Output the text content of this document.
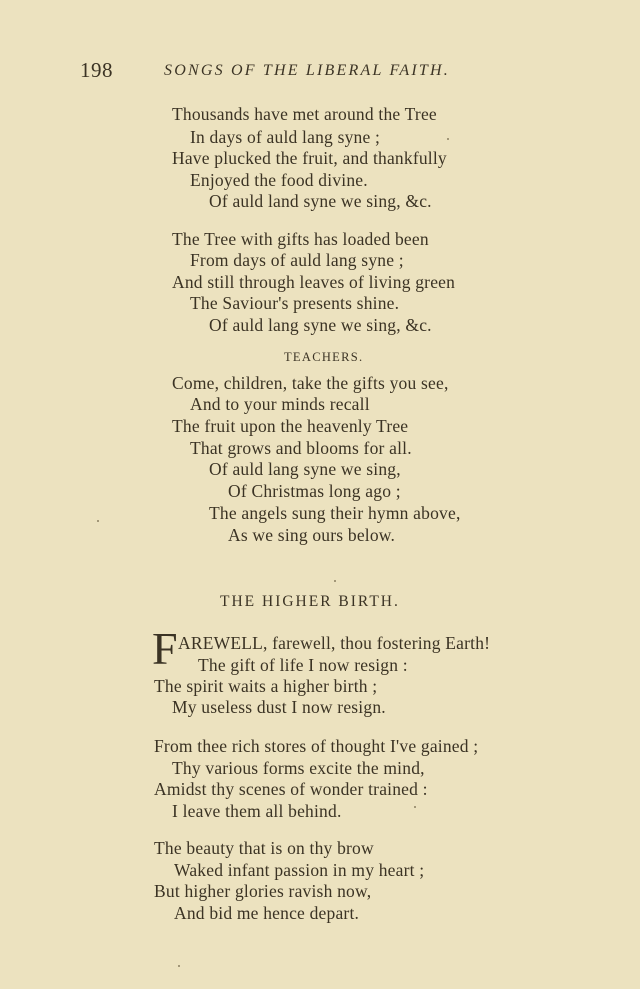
198	SONGS OF THE LIBERAL FAITH.
Thousands have met around the Tree
In days of auld lang syne ;
Have plucked the fruit, and thankfully
Enjoyed the food divine.
Of auld land syne we sing, &c.
The Tree with gifts has loaded been
From days of auld lang syne ;
And still through leaves of living green
The Saviour's presents shine.
Of auld lang syne we sing, &c.
TEACHERS.
Come, children, take the gifts you see,
And to your minds recall
The fruit upon the heavenly Tree
That grows and blooms for all.
Of auld lang syne we sing,
Of Christmas long ago ;
The angels sung their hymn above,
As we sing ours below.
THE HIGHER BIRTH.
F AREWELL, farewell, thou fostering Earth!
The gift of life I now resign :
The spirit waits a higher birth ;
My useless dust I now resign.
From thee rich stores of thought I've gained ;
Thy various forms excite the mind,
Amidst thy scenes of wonder trained :
I leave them all behind.
The beauty that is on thy brow
Waked infant passion in my heart ;
But higher glories ravish now,
And bid me hence depart.
